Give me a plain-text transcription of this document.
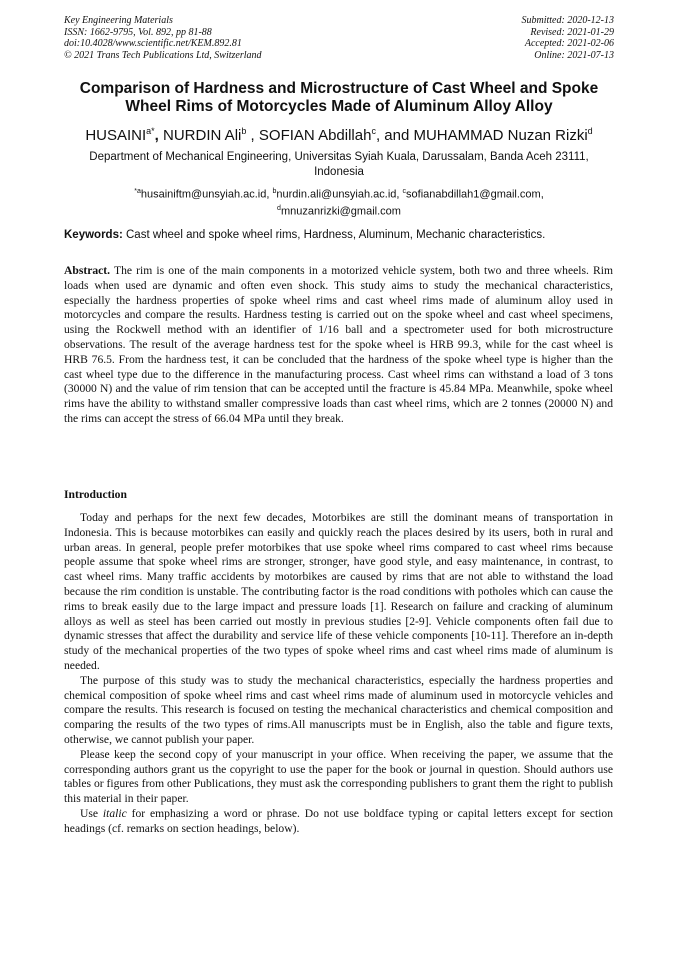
Key Engineering Materials
ISSN: 1662-9795, Vol. 892, pp 81-88
doi:10.4028/www.scientific.net/KEM.892.81
© 2021 Trans Tech Publications Ltd, Switzerland
Submitted: 2020-12-13
Revised: 2021-01-29
Accepted: 2021-02-06
Online: 2021-07-13
Comparison of Hardness and Microstructure of Cast Wheel and Spoke
Wheel Rims of Motorcycles Made of Aluminum Alloy Alloy
$HUSAINI^{a*}$, NURDIN Ali$^b$ , SOFIAN Abdillah$^c$, and MUHAMMAD Nuzan Rizki$^d$
Department of Mechanical Engineering, Universitas Syiah Kuala, Darussalam, Banda Aceh 23111,
Indonesia
$^{*a}$husainiftm@unsyiah.ac.id, $^b$nurdin.ali@unsyiah.ac.id, $^c$sofianabdillah1@gmail.com,
$^d$mnuzanrizki@gmail.com
Keywords: Cast wheel and spoke wheel rims, Hardness, Aluminum, Mechanic characteristics.
Abstract. The rim is one of the main components in a motorized vehicle system, both two and three wheels. Rim loads when used are dynamic and often even shock. This study aims to study the mechanical characteristics, especially the hardness properties of spoke wheel rims and cast wheel rims made of aluminum alloy used in motorcycles and compare the results. Hardness testing is carried out on the spoke wheel and cast wheel specimens, using the Rockwell method with an identifier of 1/16 ball and a spectrometer used for both microstructure observations. The result of the average hardness test for the spoke wheel is HRB 99.3, while for the cast wheel is HRB 76.5. From the hardness test, it can be concluded that the hardness of the spoke wheel type is higher than the cast wheel type due to the difference in the manufacturing process. Cast wheel rims can withstand a load of 3 tons (30000 N) and the value of rim tension that can be accepted until the fracture is 45.84 MPa. Meanwhile, spoke wheel rims have the ability to withstand smaller compressive loads than cast wheel rims, which are 2 tonnes (20000 N) and the rims can accept the stress of 66.04 MPa until they break.
Introduction

Today and perhaps for the next few decades, Motorbikes are still the dominant means of transportation in Indonesia. This is because motorbikes can easily and quickly reach the places desired by its users, both in rural and urban areas. In general, people prefer motorbikes that use spoke wheel rims compared to cast wheel rims because people assume that spoke wheel rims are stronger, stronger, have good style, and easy maintenance, in contrast, to cast wheel rims. Many traffic accidents by motorbikes are caused by rims that are not able to withstand the load because the rim condition is unstable. The contributing factor is the road conditions with potholes which can cause the rims to break easily due to the large impact and pressure loads [1]. Research on failure and cracking of aluminum alloys as well as steel has been carried out mostly in previous studies [2-9]. Vehicle components often fail due to dynamic stresses that affect the durability and service life of these vehicle components [10-11]. Therefore an in-depth study of the mechanical properties of the two types of spoke wheel rims and cast wheel rims made of aluminum is needed.

The purpose of this study was to study the mechanical characteristics, especially the hardness properties and chemical composition of spoke wheel rims and cast wheel rims made of aluminum used in motorcycle vehicles and compare the results. This research is focused on testing the mechanical characteristics and chemical composition and comparing the results of the two types of rims.All manuscripts must be in English, also the table and figure texts, otherwise, we cannot publish your paper.

Please keep the second copy of your manuscript in your office. When receiving the paper, we assume that the corresponding authors grant us the copyright to use the paper for the book or journal in question. Should authors use tables or figures from other Publications, they must ask the corresponding publishers to grant them the right to publish this material in their paper.

Use italic for emphasizing a word or phrase. Do not use boldface typing or capital letters except for section headings (cf. remarks on section headings, below).
